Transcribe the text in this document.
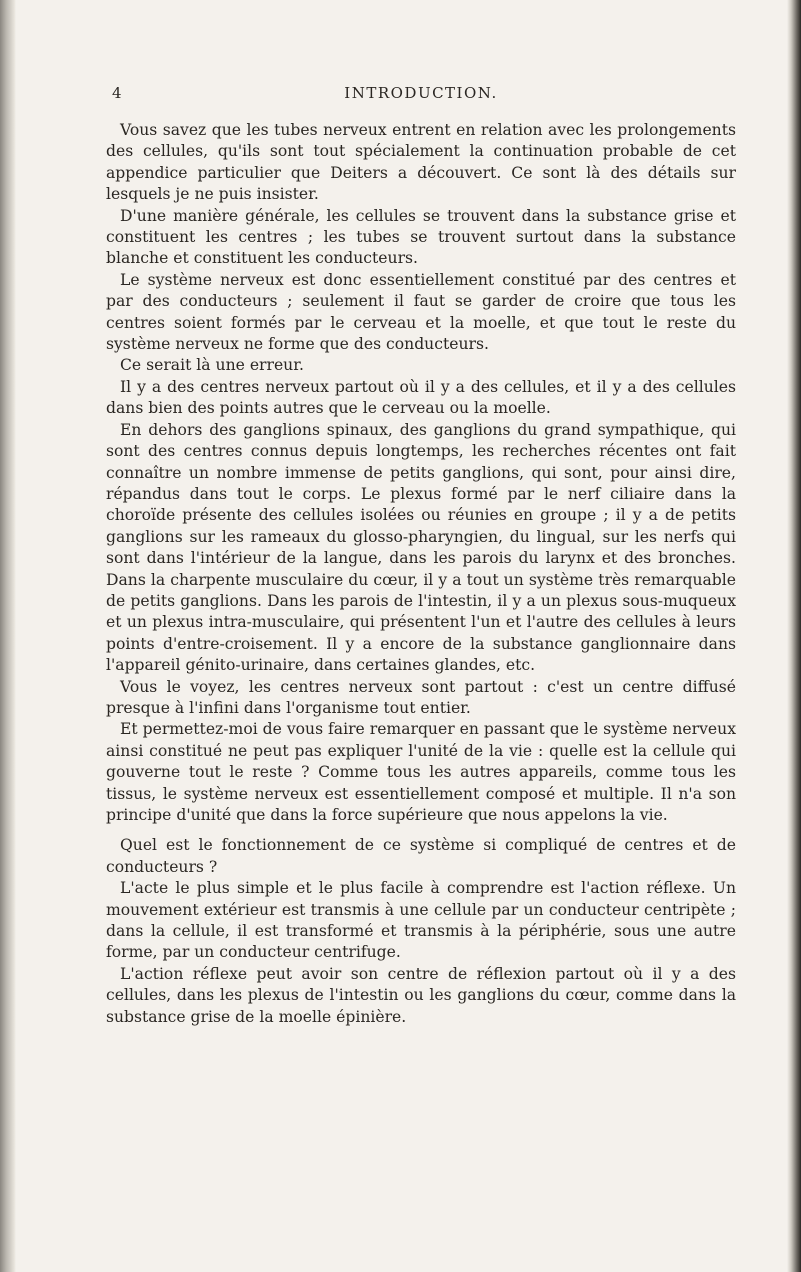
4	INTRODUCTION.

Vous savez que les tubes nerveux entrent en relation avec les prolongements des cellules, qu'ils sont tout spécialement la continuation probable de cet appendice particulier que Deiters a découvert. Ce sont là des détails sur lesquels je ne puis insister.

D'une manière générale, les cellules se trouvent dans la substance grise et constituent les centres ; les tubes se trouvent surtout dans la substance blanche et constituent les conducteurs.

Le système nerveux est donc essentiellement constitué par des centres et par des conducteurs ; seulement il faut se garder de croire que tous les centres soient formés par le cerveau et la moelle, et que tout le reste du système nerveux ne forme que des conducteurs.

Ce serait là une erreur.

Il y a des centres nerveux partout où il y a des cellules, et il y a des cellules dans bien des points autres que le cerveau ou la moelle.

En dehors des ganglions spinaux, des ganglions du grand sympathique, qui sont des centres connus depuis longtemps, les recherches récentes ont fait connaître un nombre immense de petits ganglions, qui sont, pour ainsi dire, répandus dans tout le corps. Le plexus formé par le nerf ciliaire dans la choroïde présente des cellules isolées ou réunies en groupe ; il y a de petits ganglions sur les rameaux du glosso-pharyngien, du lingual, sur les nerfs qui sont dans l'intérieur de la langue, dans les parois du larynx et des bronches. Dans la charpente musculaire du cœur, il y a tout un système très remarquable de petits ganglions. Dans les parois de l'intestin, il y a un plexus sous-muqueux et un plexus intra-musculaire, qui présentent l'un et l'autre des cellules à leurs points d'entre-croisement. Il y a encore de la substance ganglionnaire dans l'appareil génito-urinaire, dans certaines glandes, etc.

Vous le voyez, les centres nerveux sont partout : c'est un centre diffusé presque à l'infini dans l'organisme tout entier.

Et permettez-moi de vous faire remarquer en passant que le système nerveux ainsi constitué ne peut pas expliquer l'unité de la vie : quelle est la cellule qui gouverne tout le reste ? Comme tous les autres appareils, comme tous les tissus, le système nerveux est essentiellement composé et multiple. Il n'a son principe d'unité que dans la force supérieure que nous appelons la vie.

Quel est le fonctionnement de ce système si compliqué de centres et de conducteurs ?

L'acte le plus simple et le plus facile à comprendre est l'action réflexe. Un mouvement extérieur est transmis à une cellule par un conducteur centripète ; dans la cellule, il est transformé et transmis à la périphérie, sous une autre forme, par un conducteur centrifuge.

L'action réflexe peut avoir son centre de réflexion partout où il y a des cellules, dans les plexus de l'intestin ou les ganglions du cœur, comme dans la substance grise de la moelle épinière.
